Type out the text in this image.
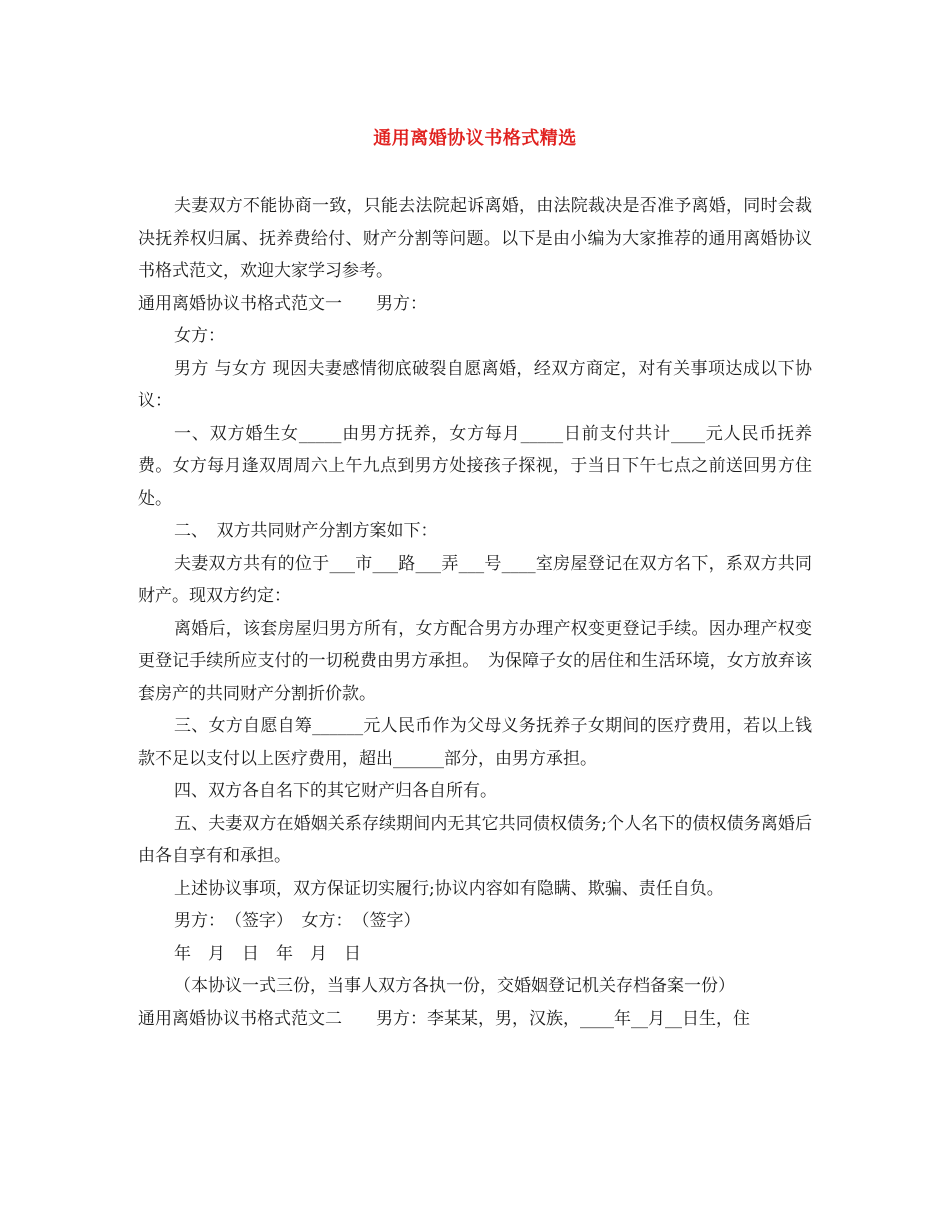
通用离婚协议书格式精选

夫妻双方不能协商一致，只能去法院起诉离婚，由法院裁决是否准予离婚，同时会裁决抚养权归属、抚养费给付、财产分割等问题。以下是由小编为大家推荐的通用离婚协议书格式范文，欢迎大家学习参考。

通用离婚协议书格式范文一　　男方：

女方：

男方 与女方 现因夫妻感情彻底破裂自愿离婚，经双方商定，对有关事项达成以下协议：

一、双方婚生女_____由男方抚养，女方每月_____日前支付共计____元人民币抚养费。女方每月逢双周周六上午九点到男方处接孩子探视，于当日下午七点之前送回男方住处。

二、　双方共同财产分割方案如下：

夫妻双方共有的位于___市___路___弄___号____室房屋登记在双方名下，系双方共同财产。现双方约定：

离婚后，该套房屋归男方所有，女方配合男方办理产权变更登记手续。因办理产权变更登记手续所应支付的一切税费由男方承担。　为保障子女的居住和生活环境，女方放弃该套房产的共同财产分割折价款。

三、女方自愿自筹______元人民币作为父母义务抚养子女期间的医疗费用，若以上钱款不足以支付以上医疗费用，超出______部分，由男方承担。

四、双方各自名下的其它财产归各自所有。

五、夫妻双方在婚姻关系存续期间内无其它共同债权债务;个人名下的债权债务离婚后由各自享有和承担。

上述协议事项，双方保证切实履行;协议内容如有隐瞒、欺骗、责任自负。

男方：　（签字）　女方：　（签字）

年　月　日　年　月　日

（本协议一式三份，当事人双方各执一份，交婚姻登记机关存档备案一份）

通用离婚协议书格式范文二　　男方：李某某，男，汉族，____年__月__日生，住
